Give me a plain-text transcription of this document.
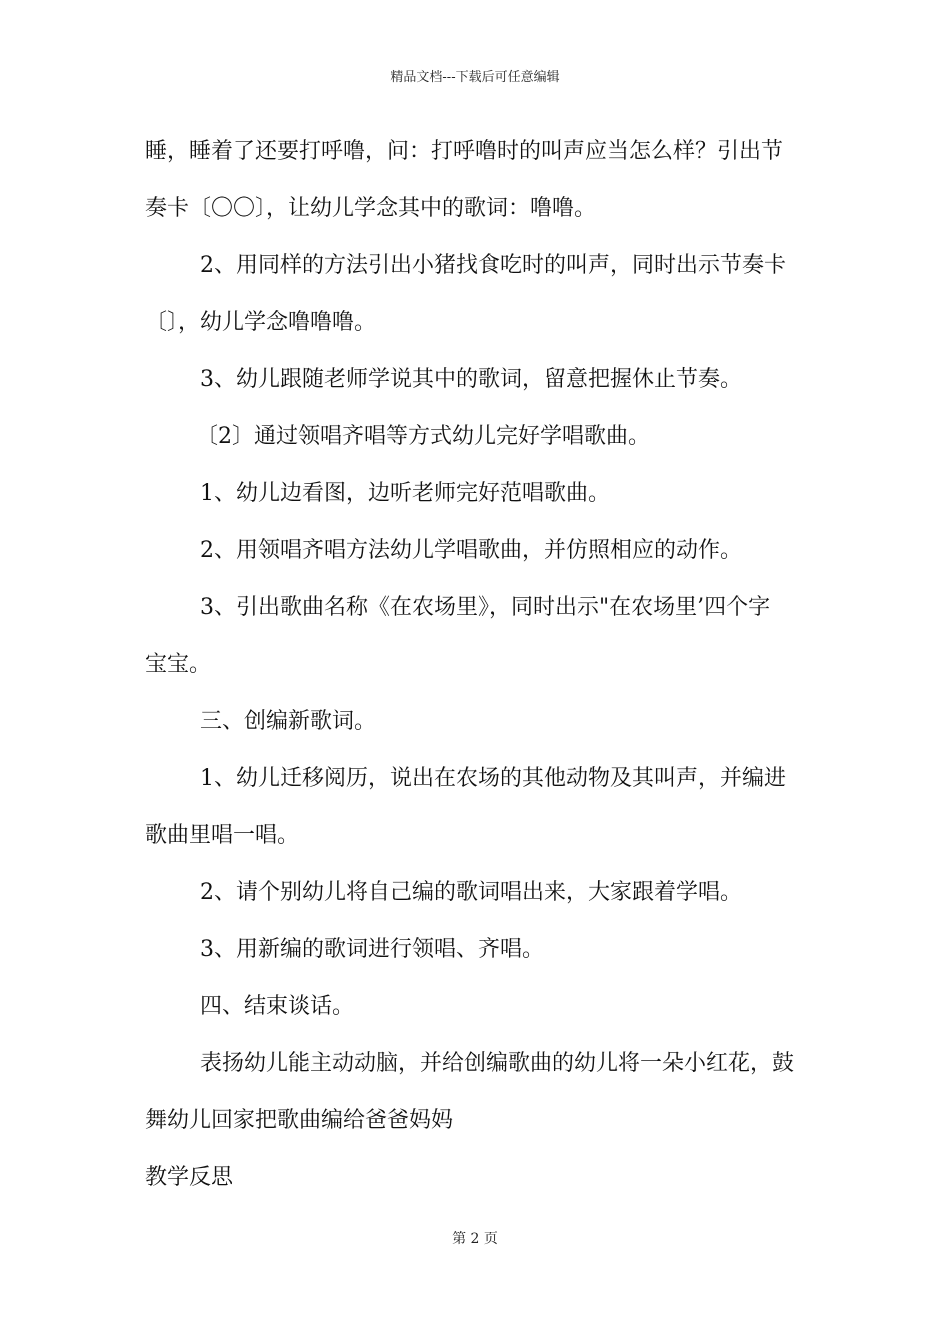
精品文档---下载后可任意编辑
睡，睡着了还要打呼噜，问：打呼噜时的叫声应当怎么样？引出节
奏卡〔〇〇〕，让幼儿学念其中的歌词：噜噜。
2、用同样的方法引出小猪找食吃时的叫声，同时出示节奏卡
〔〕，幼儿学念噜噜噜。
3、幼儿跟随老师学说其中的歌词，留意把握休止节奏。
〔2〕通过领唱齐唱等方式幼儿完好学唱歌曲。
1、幼儿边看图，边听老师完好范唱歌曲。
2、用领唱齐唱方法幼儿学唱歌曲，并仿照相应的动作。
3、引出歌曲名称《在农场里》，同时出示"在农场里’四个字
宝宝。
三、创编新歌词。
1、幼儿迁移阅历，说出在农场的其他动物及其叫声，并编进
歌曲里唱一唱。
2、请个别幼儿将自己编的歌词唱出来，大家跟着学唱。
3、用新编的歌词进行领唱、齐唱。
四、结束谈话。
表扬幼儿能主动动脑，并给创编歌曲的幼儿将一朵小红花，鼓
舞幼儿回家把歌曲编给爸爸妈妈
教学反思
第 2 页
